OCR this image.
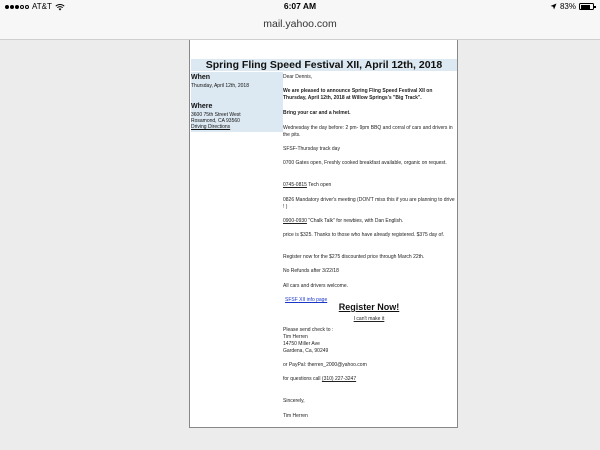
AT&T	6:07 AM	83%
mail.yahoo.com
Spring Fling Speed Festival XII, April 12th, 2018
When
Thursday, April 12th, 2018
Where
3600 75th Street West
Rosamond, CA 93560
Driving Directions
Dear Dennis,
We are pleased to announce Spring Fling Speed Festival XII on Thursday, April 12th, 2018 at Willow Springs's "Big Track".
Bring your car and a helmet.
Wednesday the day before: 2 pm- 9pm BBQ and corral of cars and drivers in the pits.
SFSF-Thursday track day
0700 Gates open, Freshly cooked breakfast available, organic on request.
0745-0815 Tech open
0826 Mandatory driver's meeting (DON'T miss this if you are planning to drive ! )
0900-0930 "Chalk Talk" for newbies, with Dan English.
price is $325. Thanks to those who have already registered. $375 day of.
Register now for the $275 discounted price through March 22th.
No Refunds after 3/22/18
All cars and drivers welcome.
SFSF XII info page
Register Now!
I can't make it
Please send check to :
Tim Herren
14750 Miller Ave
Gardena, Ca, 90249
or PayPal: therren_2000@yahoo.com
for questions call (310) 227-3247
Sincerely,
Tim Herren
